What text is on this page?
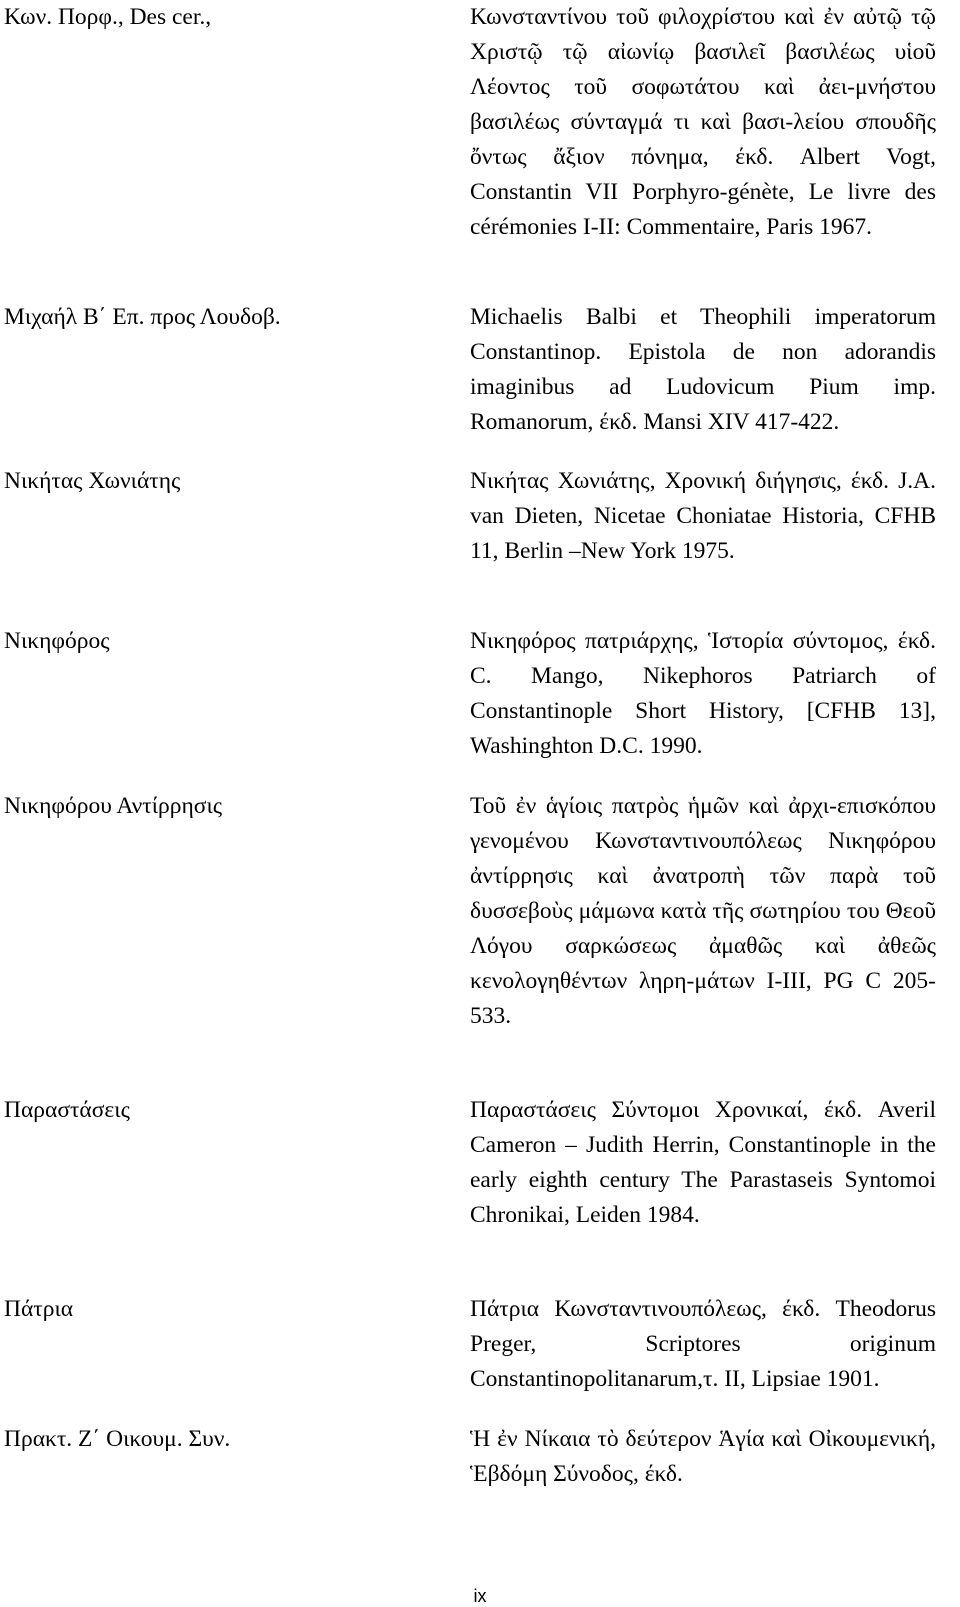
Κων. Πορφ., Des cer.,	Κωνσταντίνου τοῦ φιλοχρίστου καὶ ἐν αὐτῷ τῷ Χριστῷ τῷ αἰωνίῳ βασιλεῖ βασιλέως υἱοῦ Λέοντος τοῦ σοφωτάτου καὶ ἀει-μνήστου βασιλέως σύνταγμά τι καὶ βασι-λείου σπουδῆς ὄντως ἄξιον πόνημα, έκδ. Albert Vogt, Constantin VII Porphyro-génète, Le livre des cérémonies I-II: Commentaire, Paris 1967.
Μιχαήλ Β΄ Επ. προς Λουδοβ.	Michaelis Balbi et Theophili imperatorum Constantinop. Epistola de non adorandis imaginibus ad Ludovicum Pium imp. Romanorum, έκδ. Mansi XIV 417-422.
Νικήτας Χωνιάτης	Νικήτας Χωνιάτης, Χρονική διήγησις, έκδ. J.A. van Dieten, Nicetae Choniatae Historia, CFHB 11, Berlin –New York 1975.
Νικηφόρος	Νικηφόρος πατριάρχης, Ἱστορία σύντομος, έκδ. C. Mango, Nikephoros Patriarch of Constantinople Short History, [CFHB 13], Washinghton D.C. 1990.
Νικηφόρου Αντίρρησις	Τοῦ ἐν ἁγίοις πατρὸς ἡμῶν καὶ ἀρχι-επισκόπου γενομένου Κωνσταντινουπόλεως Νικηφόρου ἀντίρρησις καὶ ἀνατροπὴ τῶν παρὰ τοῦ δυσσεβοὺς μάμωνα κατὰ τῆς σωτηρίου του Θεοῦ Λόγου σαρκώσεως ἀμαθῶς καὶ ἀθεῶς κενολογηθέντων ληρη-μάτων I-III, PG C 205-533.
Παραστάσεις	Παραστάσεις Σύντομοι Χρονικαί, έκδ. Averil Cameron – Judith Herrin, Constantinople in the early eighth century The Parastaseis Syntomoi Chronikai, Leiden 1984.
Πάτρια	Πάτρια Κωνσταντινουπόλεως, έκδ. Theodorus Preger, Scriptores originum Constantinopolitanarum,τ. II, Lipsiae 1901.
Πρακτ. Ζ΄ Οικουμ. Συν.	Ἡ ἐν Νίκαια τὸ δεύτερον Ἁγία καὶ Οἰκουμενική, Ἑβδόμη Σύνοδος, έκδ.
ix
